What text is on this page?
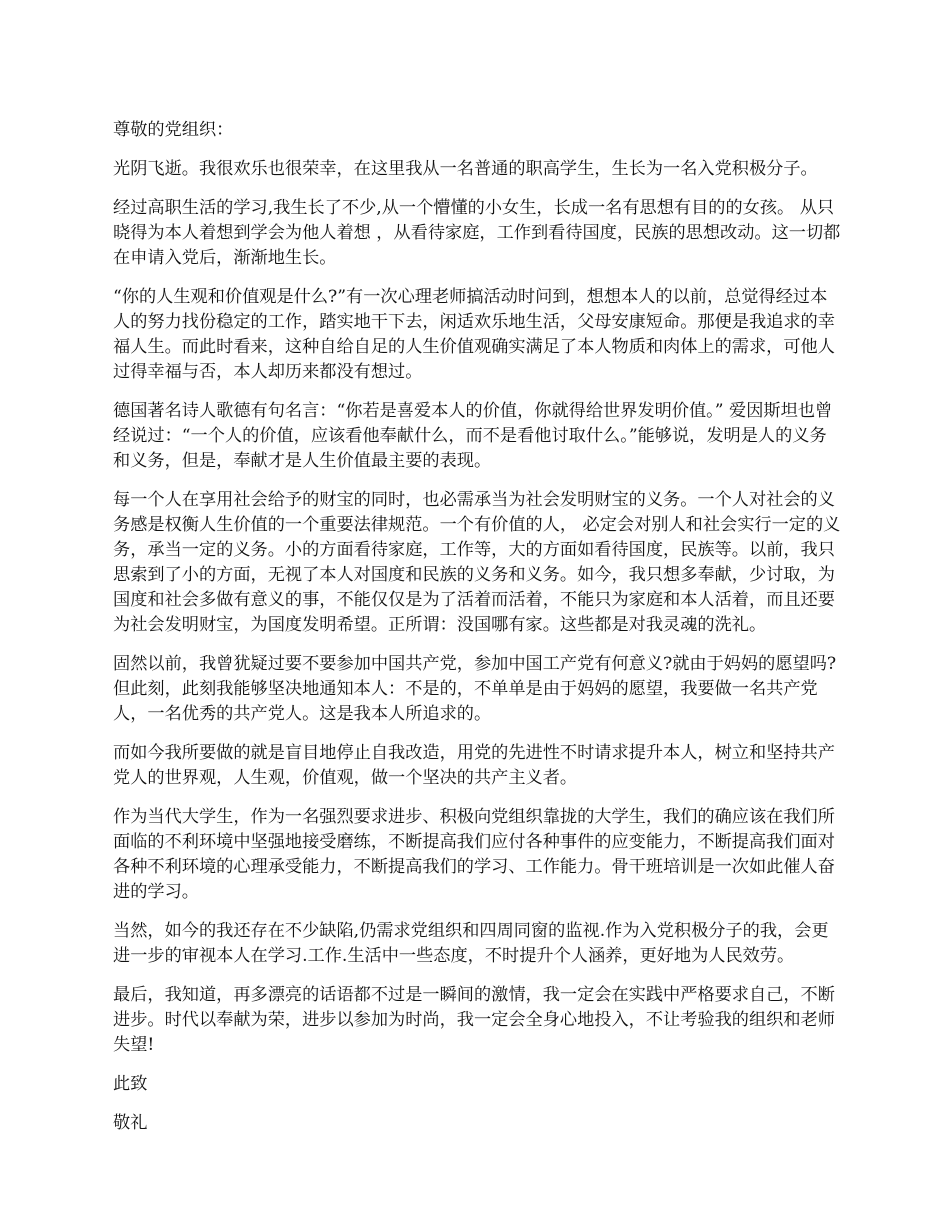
尊敬的党组织：

光阴飞逝。我很欢乐也很荣幸，在这里我从一名普通的职高学生，生长为一名入党积极分子。

经过高职生活的学习,我生长了不少,从一个懵懂的小女生，长成一名有思想有目的的女孩。 从只晓得为本人着想到学会为他人着想 ，从看待家庭，工作到看待国度，民族的思想改动。这一切都在申请入党后，渐渐地生长。

“你的人生观和价值观是什么?”有一次心理老师搞活动时问到，想想本人的以前，总觉得经过本人的努力找份稳定的工作，踏实地干下去，闲适欢乐地生活，父母安康短命。那便是我追求的幸福人生。而此时看来，这种自给自足的人生价值观确实满足了本人物质和肉体上的需求，可他人过得幸福与否，本人却历来都没有想过。

德国著名诗人歌德有句名言：“你若是喜爱本人的价值，你就得给世界发明价值。” 爱因斯坦也曾经说过：“一个人的价值，应该看他奉献什么，而不是看他讨取什么。”能够说，发明是人的义务和义务，但是，奉献才是人生价值最主要的表现。

每一个人在享用社会给予的财宝的同时，也必需承当为社会发明财宝的义务。一个人对社会的义务感是权衡人生价值的一个重要法律规范。一个有价值的人， 必定会对别人和社会实行一定的义务，承当一定的义务。小的方面看待家庭，工作等，大的方面如看待国度，民族等。以前，我只思索到了小的方面，无视了本人对国度和民族的义务和义务。如今，我只想多奉献，少讨取，为国度和社会多做有意义的事，不能仅仅是为了活着而活着，不能只为家庭和本人活着，而且还要为社会发明财宝，为国度发明希望。正所谓：没国哪有家。这些都是对我灵魂的洗礼。

固然以前，我曾犹疑过要不要参加中国共产党，参加中国工产党有何意义?就由于妈妈的愿望吗?但此刻，此刻我能够坚决地通知本人：不是的，不单单是由于妈妈的愿望，我要做一名共产党人，一名优秀的共产党人。这是我本人所追求的。

而如今我所要做的就是盲目地停止自我改造，用党的先进性不时请求提升本人，树立和坚持共产党人的世界观，人生观，价值观，做一个坚决的共产主义者。

作为当代大学生，作为一名强烈要求进步、积极向党组织靠拢的大学生，我们的确应该在我们所面临的不利环境中坚强地接受磨练，不断提高我们应付各种事件的应变能力，不断提高我们面对各种不利环境的心理承受能力，不断提高我们的学习、工作能力。骨干班培训是一次如此催人奋进的学习。

当然，如今的我还存在不少缺陷,仍需求党组织和四周同窗的监视.作为入党积极分子的我，会更进一步的审视本人在学习.工作.生活中一些态度，不时提升个人涵养，更好地为人民效劳。

最后，我知道，再多漂亮的话语都不过是一瞬间的激情，我一定会在实践中严格要求自己，不断进步。时代以奉献为荣，进步以参加为时尚，我一定会全身心地投入，不让考验我的组织和老师失望!

此致

敬礼
